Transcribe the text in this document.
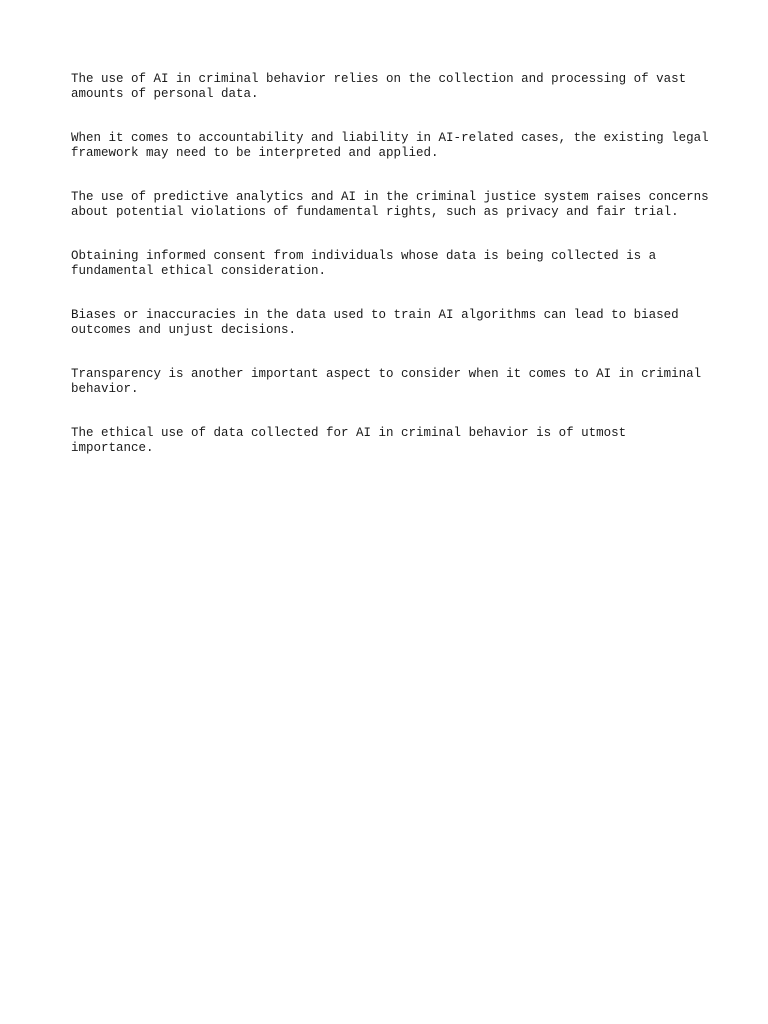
The use of AI in criminal behavior relies on the collection and processing of vast amounts of personal data.

When it comes to accountability and liability in AI-related cases, the existing legal framework may need to be interpreted and applied.

The use of predictive analytics and AI in the criminal justice system raises concerns about potential violations of fundamental rights, such as privacy and fair trial.

Obtaining informed consent from individuals whose data is being collected is a fundamental ethical consideration.

Biases or inaccuracies in the data used to train AI algorithms can lead to biased outcomes and unjust decisions.

Transparency is another important aspect to consider when it comes to AI in criminal behavior.

The ethical use of data collected for AI in criminal behavior is of utmost importance.
